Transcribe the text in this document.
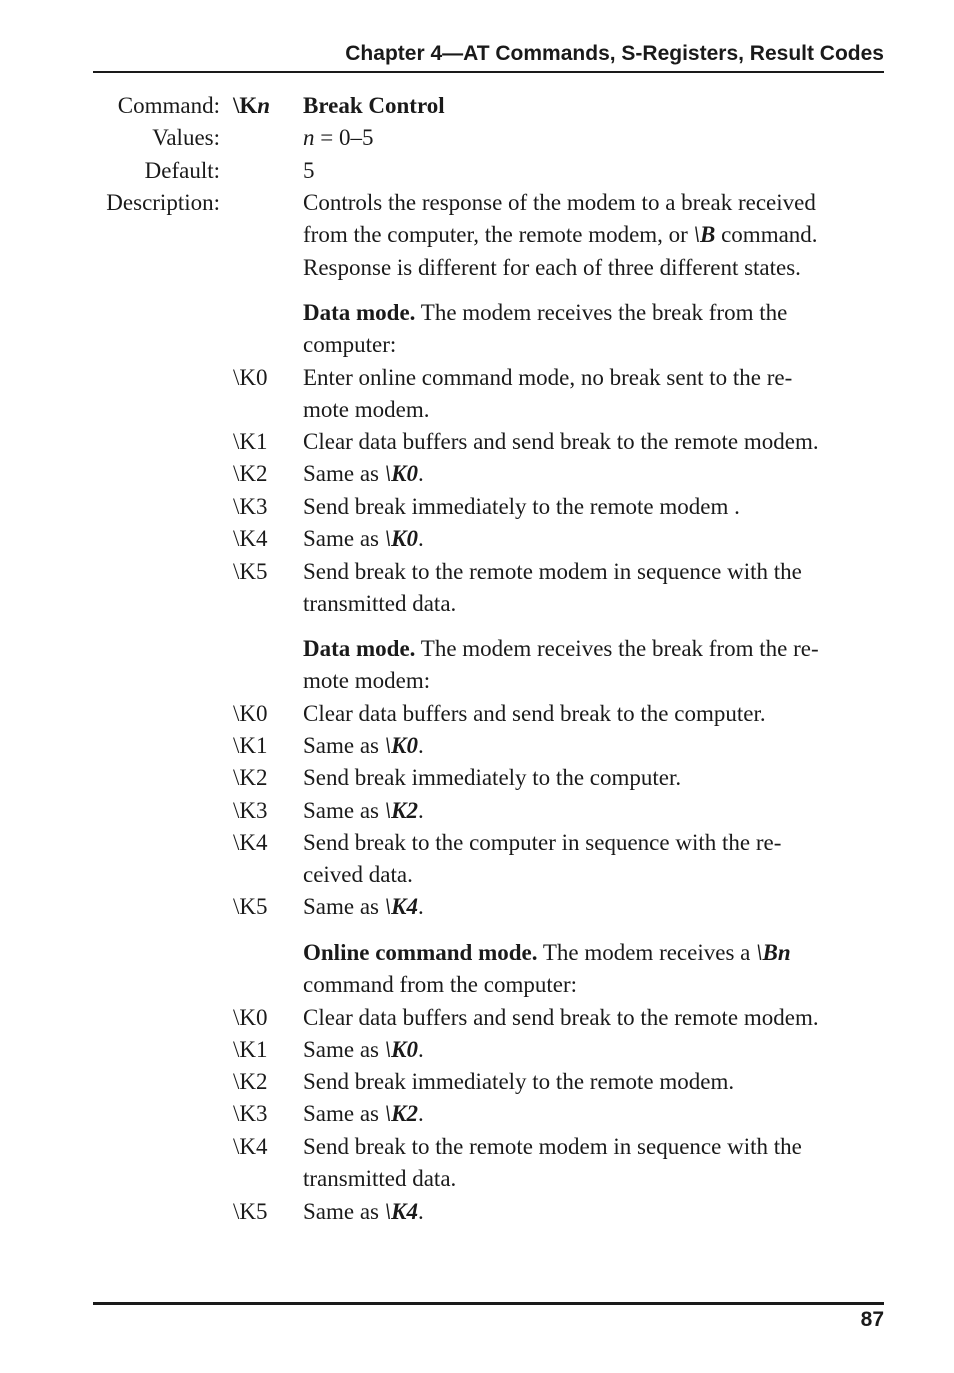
Chapter 4—AT Commands, S-Registers, Result Codes
Command: \Kn Break Control
Values:	n = 0–5
Default:	5
Description:	Controls the response of the modem to a break received
from the computer, the remote modem, or \B command.
Response is different for each of three different states.
Data mode. The modem receives the break from the
computer:
\K0 Enter online command mode, no break sent to the re-
mote modem.
\K1 Clear data buffers and send break to the remote modem.
\K2 Same as \K0.
\K3 Send break immediately to the remote modem .
\K4 Same as \K0.
\K5 Send break to the remote modem in sequence with the
transmitted data.
Data mode. The modem receives the break from the re-
mote modem:
\K0 Clear data buffers and send break to the computer.
\K1 Same as \K0.
\K2 Send break immediately to the computer.
\K3 Same as \K2.
\K4 Send break to the computer in sequence with the re-
ceived data.
\K5 Same as \K4.
Online command mode. The modem receives a \Bn
command from the computer:
\K0 Clear data buffers and send break to the remote modem.
\K1 Same as \K0.
\K2 Send break immediately to the remote modem.
\K3 Same as \K2.
\K4 Send break to the remote modem in sequence with the
transmitted data.
\K5 Same as \K4.
87
